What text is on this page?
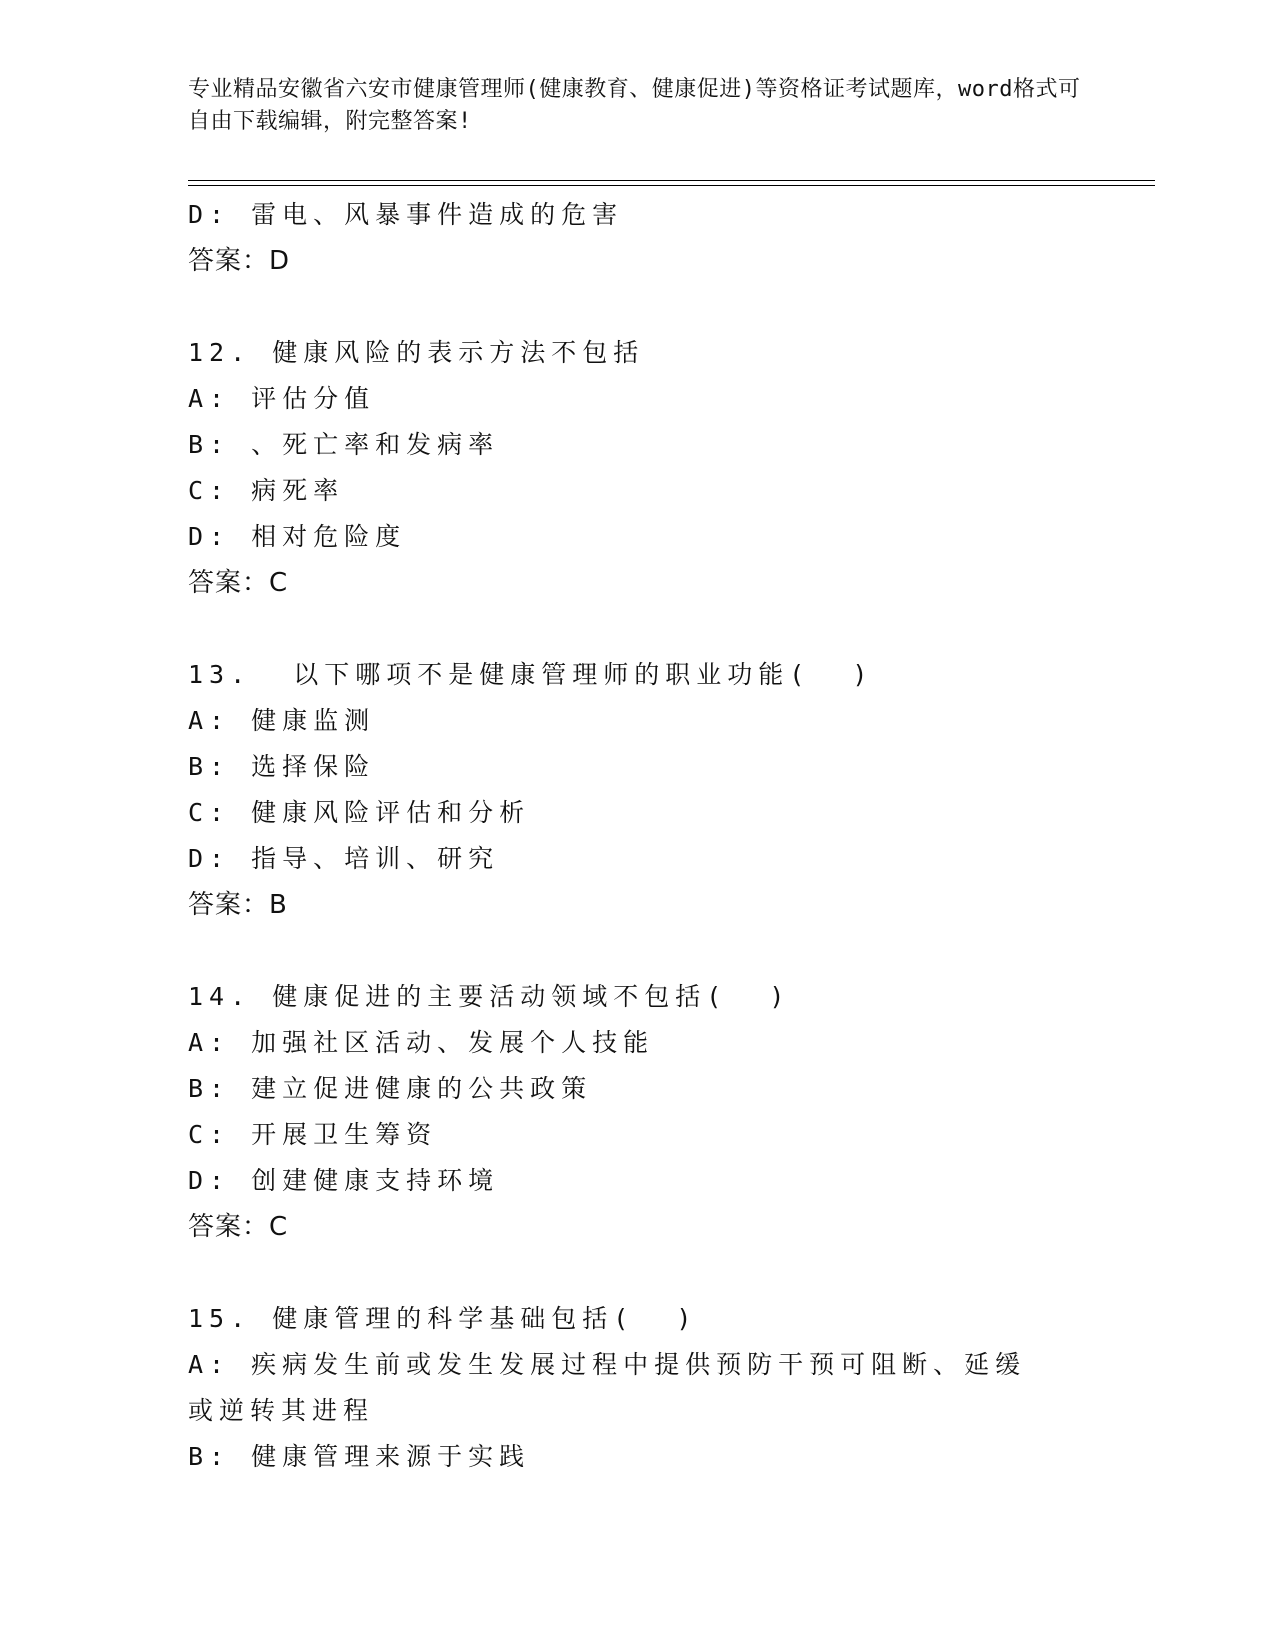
专业精品安徽省六安市健康管理师(健康教育、健康促进)等资格证考试题库，word格式可自由下载编辑，附完整答案!
D: 雷电、风暴事件造成的危害
答案：D
12. 健康风险的表示方法不包括
A: 评估分值
B: 、死亡率和发病率
C: 病死率
D: 相对危险度
答案：C
13.  以下哪项不是健康管理师的职业功能(  )
A: 健康监测
B: 选择保险
C: 健康风险评估和分析
D: 指导、培训、研究
答案：B
14. 健康促进的主要活动领域不包括(  )
A: 加强社区活动、发展个人技能
B: 建立促进健康的公共政策
C: 开展卫生筹资
D: 创建健康支持环境
答案：C
15. 健康管理的科学基础包括(  )
A: 疾病发生前或发生发展过程中提供预防干预可阻断、延缓或逆转其进程
B: 健康管理来源于实践
